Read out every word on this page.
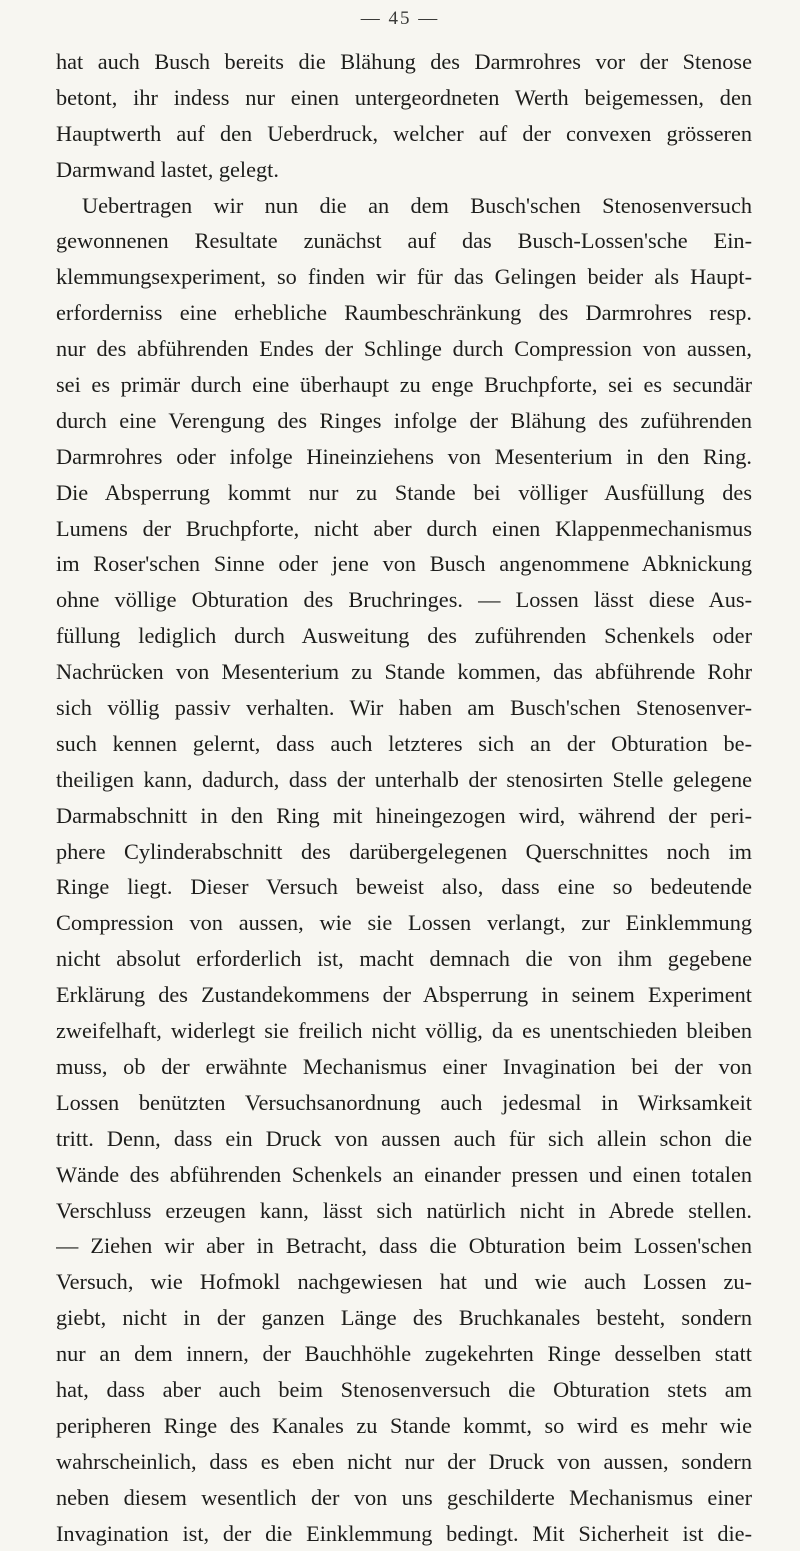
— 45 —
hat auch Busch bereits die Blähung des Darmrohres vor der Stenose
betont, ihr indess nur einen untergeordneten Werth beigemessen, den
Hauptwerth auf den Ueberdruck, welcher auf der convexen grösseren
Darmwand lastet, gelegt.
Uebertragen wir nun die an dem Busch'schen Stenosenversuch
gewonnenen Resultate zunächst auf das Busch-Lossen'sche Ein-
klemmungsexperiment, so finden wir für das Gelingen beider als Haupt-
erforderniss eine erhebliche Raumbeschränkung des Darmrohres resp.
nur des abführenden Endes der Schlinge durch Compression von aussen,
sei es primär durch eine überhaupt zu enge Bruchpforte, sei es secundär
durch eine Verengung des Ringes infolge der Blähung des zuführenden
Darmrohres oder infolge Hineinziehens von Mesenterium in den Ring.
Die Absperrung kommt nur zu Stande bei völliger Ausfüllung des
Lumens der Bruchpforte, nicht aber durch einen Klappenmechanismus
im Roser'schen Sinne oder jene von Busch angenommene Abknickung
ohne völlige Obturation des Bruchringes. — Lossen lässt diese Aus-
füllung lediglich durch Ausweitung des zuführenden Schenkels oder
Nachrücken von Mesenterium zu Stande kommen, das abführende Rohr
sich völlig passiv verhalten. Wir haben am Busch'schen Stenosenver-
such kennen gelernt, dass auch letzteres sich an der Obturation be-
theiligen kann, dadurch, dass der unterhalb der stenosirten Stelle gelegene
Darmabschnitt in den Ring mit hineingezogen wird, während der peri-
phere Cylinderabschnitt des darübergelegenen Querschnittes noch im
Ringe liegt. Dieser Versuch beweist also, dass eine so bedeutende
Compression von aussen, wie sie Lossen verlangt, zur Einklemmung
nicht absolut erforderlich ist, macht demnach die von ihm gegebene
Erklärung des Zustandekommens der Absperrung in seinem Experiment
zweifelhaft, widerlegt sie freilich nicht völlig, da es unentschieden bleiben
muss, ob der erwähnte Mechanismus einer Invagination bei der von
Lossen benützten Versuchsanordnung auch jedesmal in Wirksamkeit
tritt. Denn, dass ein Druck von aussen auch für sich allein schon die
Wände des abführenden Schenkels an einander pressen und einen totalen
Verschluss erzeugen kann, lässt sich natürlich nicht in Abrede stellen.
— Ziehen wir aber in Betracht, dass die Obturation beim Lossen'schen
Versuch, wie Hofmokl nachgewiesen hat und wie auch Lossen zu-
giebt, nicht in der ganzen Länge des Bruchkanales besteht, sondern
nur an dem innern, der Bauchhöhle zugekehrten Ringe desselben statt
hat, dass aber auch beim Stenosenversuch die Obturation stets am
peripheren Ringe des Kanales zu Stande kommt, so wird es mehr wie
wahrscheinlich, dass es eben nicht nur der Druck von aussen, sondern
neben diesem wesentlich der von uns geschilderte Mechanismus einer
Invagination ist, der die Einklemmung bedingt. Mit Sicherheit ist die-
